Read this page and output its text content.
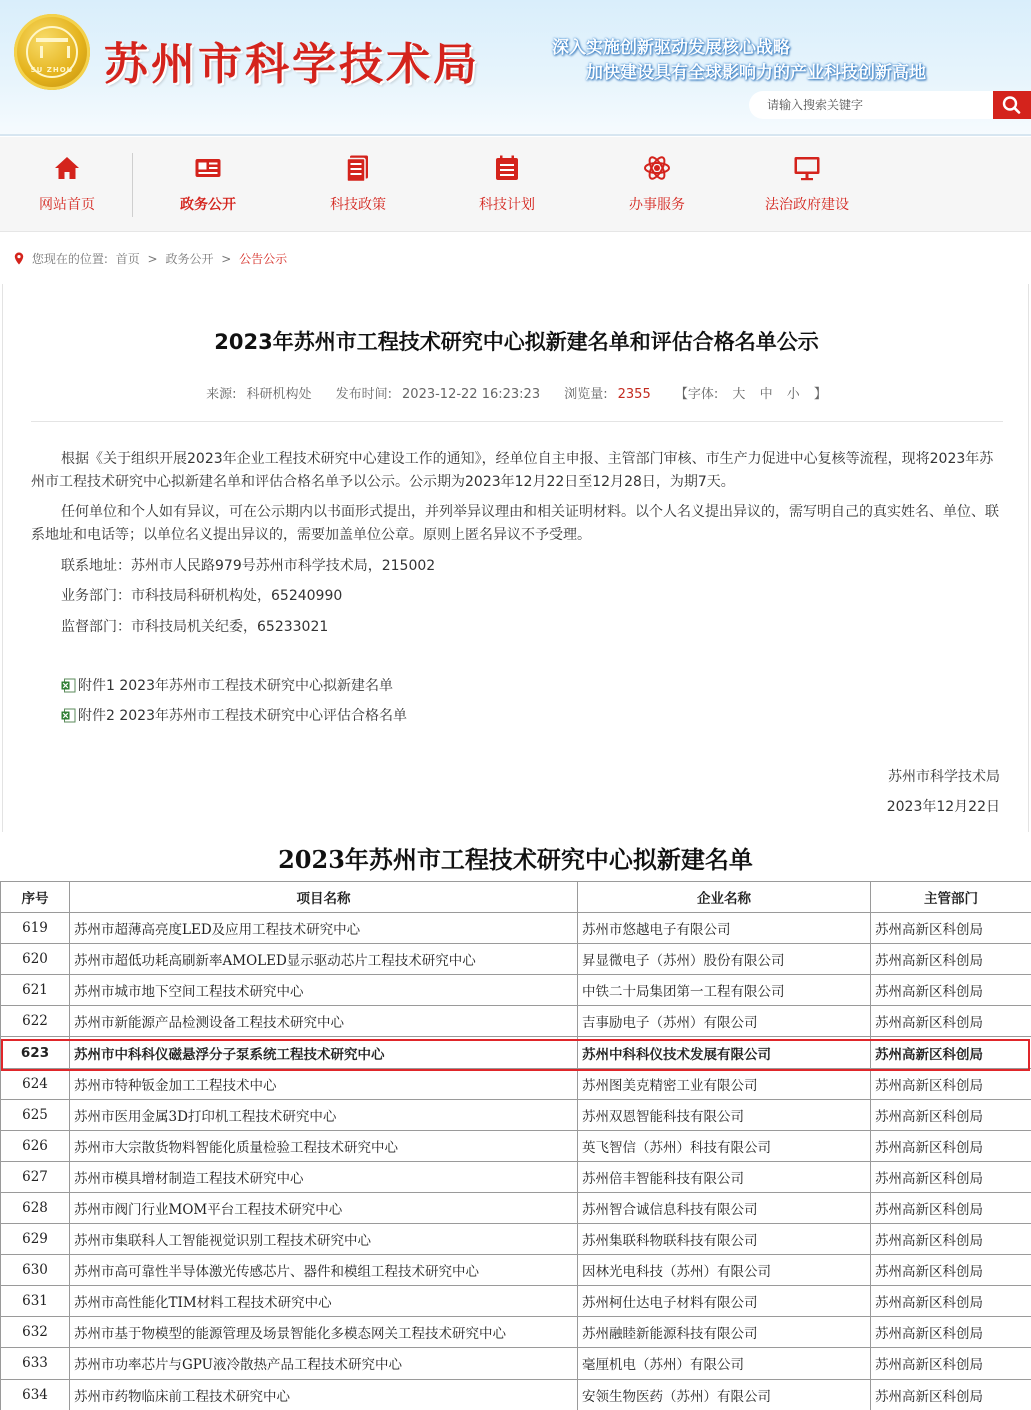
SU ZHOU 苏州市科学技术局	深入实施创新驱动发展核心战略
加快建设具有全球影响力的产业科技创新高地
请输入搜索关键字
网站首页	政务公开	科技政策	科技计划	办事服务	法治政府建设
您现在的位置: 首页 > 政务公开 > 公告公示
2023年苏州市工程技术研究中心拟新建名单和评估合格名单公示
来源: 科研机构处 发布时间: 2023-12-22 16:23:23 浏览量: 2355 【字体: 大 中 小 】
根据《关于组织开展2023年企业工程技术研究中心建设工作的通知》，经单位自主申报、主管部门审核、市生产力促进中心复核等流程，现将2023年苏州市工程技术研究中心拟新建名单和评估合格名单予以公示。公示期为2023年12月22日至12月28日，为期7天。
任何单位和个人如有异议，可在公示期内以书面形式提出，并列举异议理由和相关证明材料。以个人名义提出异议的，需写明自己的真实姓名、单位、联系地址和电话等；以单位名义提出异议的，需要加盖单位公章。原则上匿名异议不予受理。
联系地址：苏州市人民路979号苏州市科学技术局，215002
业务部门：市科技局科研机构处，65240990
监督部门：市科技局机关纪委，65233021
附件1 2023年苏州市工程技术研究中心拟新建名单
附件2 2023年苏州市工程技术研究中心评估合格名单
苏州市科学技术局
2023年12月22日
2023年苏州市工程技术研究中心拟新建名单
序号	项目名称	企业名称	主管部门
619	苏州市超薄高亮度LED及应用工程技术研究中心	苏州市悠越电子有限公司	苏州高新区科创局
620	苏州市超低功耗高刷新率AMOLED显示驱动芯片工程技术研究中心	昇显微电子（苏州）股份有限公司	苏州高新区科创局
621	苏州市城市地下空间工程技术研究中心	中铁二十局集团第一工程有限公司	苏州高新区科创局
622	苏州市新能源产品检测设备工程技术研究中心	吉事励电子（苏州）有限公司	苏州高新区科创局
623	苏州市中科科仪磁悬浮分子泵系统工程技术研究中心	苏州中科科仪技术发展有限公司	苏州高新区科创局
624	苏州市特种钣金加工工程技术中心	苏州图美克精密工业有限公司	苏州高新区科创局
625	苏州市医用金属3D打印机工程技术研究中心	苏州双恩智能科技有限公司	苏州高新区科创局
626	苏州市大宗散货物料智能化质量检验工程技术研究中心	英飞智信（苏州）科技有限公司	苏州高新区科创局
627	苏州市模具增材制造工程技术研究中心	苏州倍丰智能科技有限公司	苏州高新区科创局
628	苏州市阀门行业MOM平台工程技术研究中心	苏州智合诚信息科技有限公司	苏州高新区科创局
629	苏州市集联科人工智能视觉识别工程技术研究中心	苏州集联科物联科技有限公司	苏州高新区科创局
630	苏州市高可靠性半导体激光传感芯片、器件和模组工程技术研究中心	因林光电科技（苏州）有限公司	苏州高新区科创局
631	苏州市高性能化TIM材料工程技术研究中心	苏州柯仕达电子材料有限公司	苏州高新区科创局
632	苏州市基于物模型的能源管理及场景智能化多模态网关工程技术研究中心	苏州融睦新能源科技有限公司	苏州高新区科创局
633	苏州市功率芯片与GPU液冷散热产品工程技术研究中心	毫厘机电（苏州）有限公司	苏州高新区科创局
634	苏州市药物临床前工程技术研究中心	安领生物医药（苏州）有限公司	苏州高新区科创局
